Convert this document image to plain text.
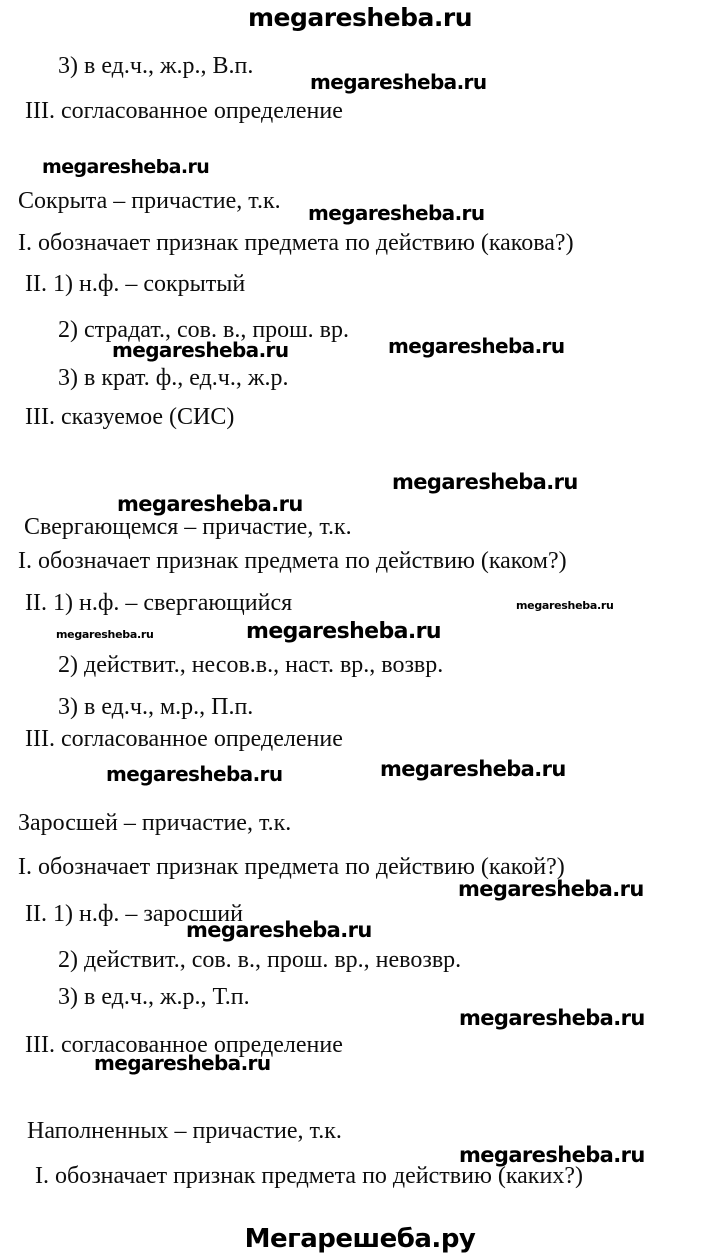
megaresheba.ru
3) в ед.ч., ж.р., В.п.
III. согласованное определение
Сокрыта – причастие, т.к.
I. обозначает признак предмета по действию (какова?)
II. 1) н.ф. – сокрытый
2) страдат., сов. в., прош. вр.
3) в крат. ф., ед.ч., ж.р.
III. сказуемое (СИС)
Свергающемся – причастие, т.к.
I. обозначает признак предмета по действию (каком?)
II. 1) н.ф. – свергающийся
2) действит., несов.в., наст. вр., возвр.
3) в ед.ч., м.р., П.п.
III. согласованное определение
Заросшей – причастие, т.к.
I. обозначает признак предмета по действию (какой?)
II. 1) н.ф. – заросший
2) действит., сов. в., прош. вр., невозвр.
3) в ед.ч., ж.р., Т.п.
III. согласованное определение
Наполненных – причастие, т.к.
I. обозначает признак предмета по действию (каких?)
megaresheba.ru
megaresheba.ru
megaresheba.ru
megaresheba.ru
megaresheba.ru
megaresheba.ru
megaresheba.ru
megaresheba.ru
megaresheba.ru
megaresheba.ru
megaresheba.ru
megaresheba.ru
megaresheba.ru
megaresheba.ru
megaresheba.ru
megaresheba.ru
megaresheba.ru
Мегарешеба.ру
